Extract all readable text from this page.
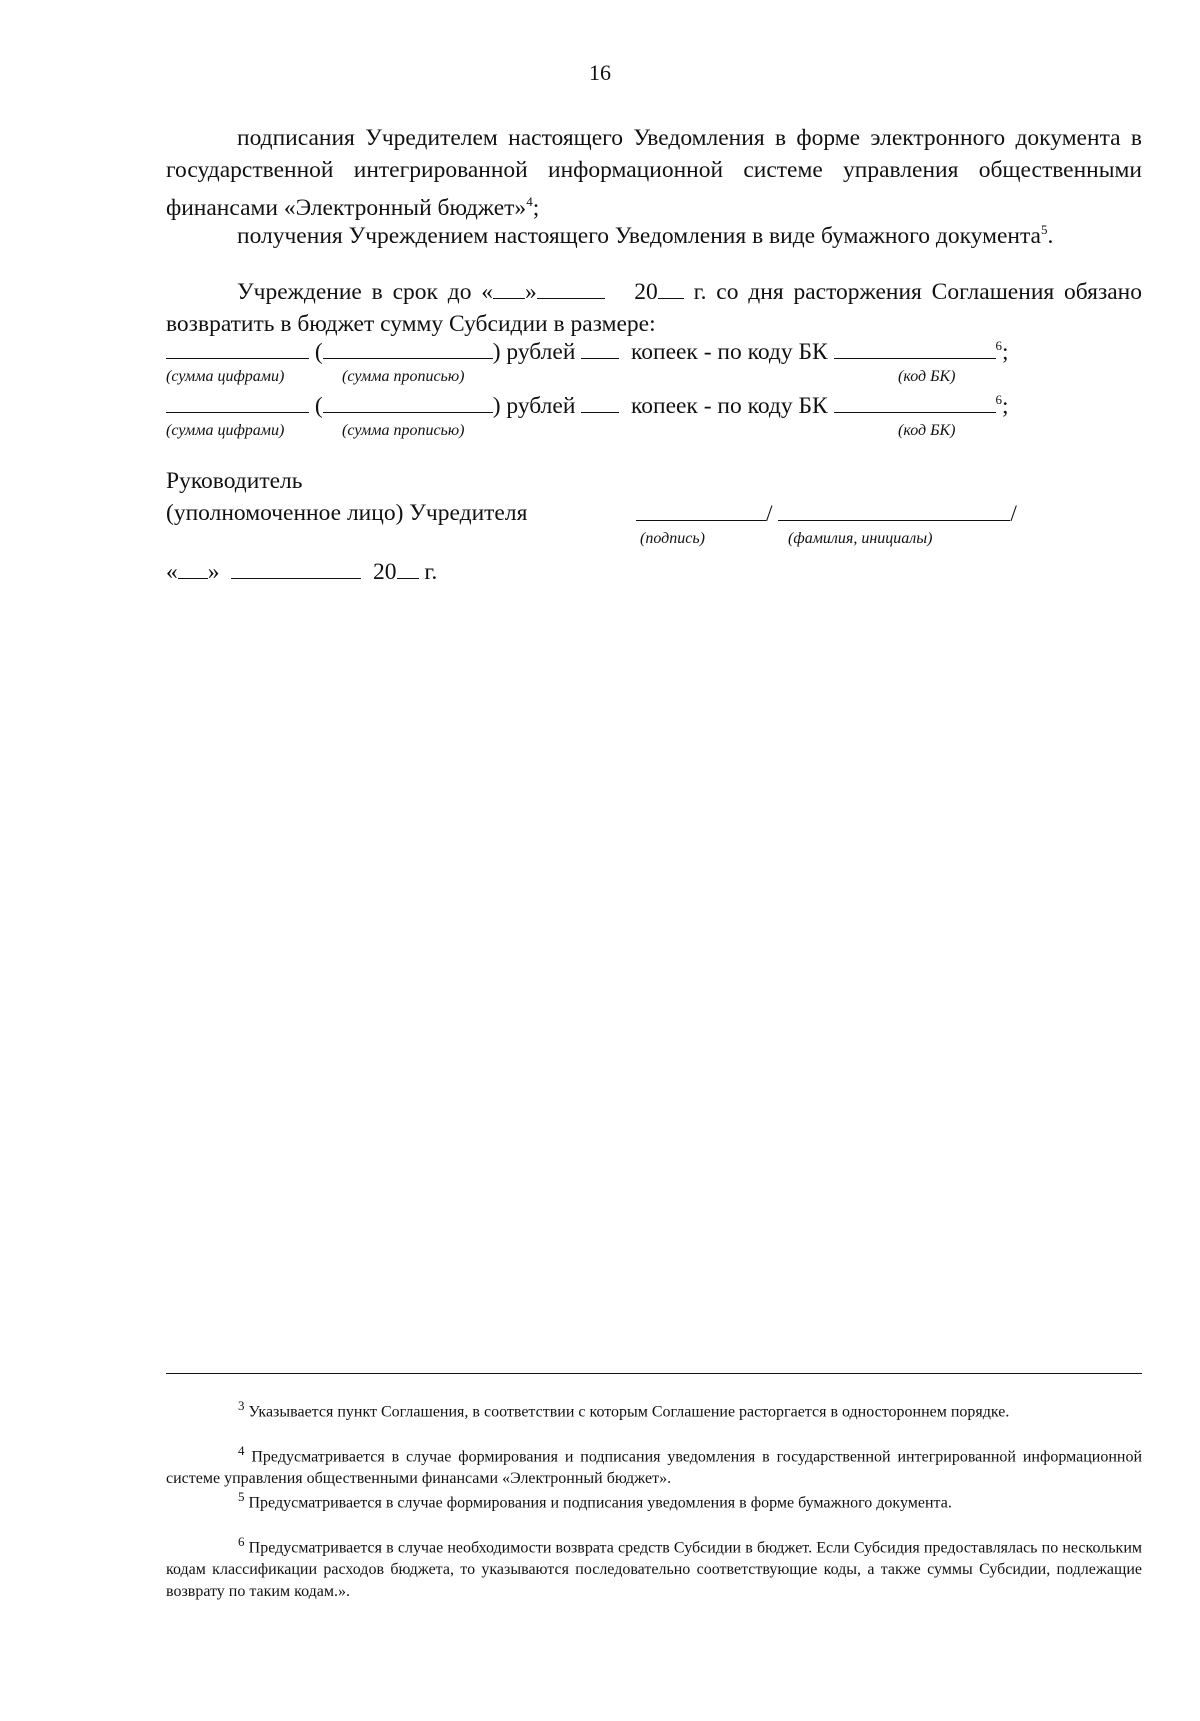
16
подписания Учредителем настоящего Уведомления в форме электронного документа в государственной интегрированной информационной системе управления общественными финансами «Электронный бюджет»$^4$;
получения Учреждением настоящего Уведомления в виде бумажного документа$^5$.
Учреждение в срок до « »	20 г. со дня расторжения Соглашения обязано возвратить в бюджет сумму Субсидии в размере:
(	) рублей копеек - по коду БК	$^6$;
(сумма цифрами)	(сумма прописью)	(код БК)
(	) рублей копеек - по коду БК	$^6$;
(сумма цифрами)	(сумма прописью)	(код БК)
Руководитель
(уполномоченное лицо) Учредителя	/	/
(подпись)	(фамилия, инициалы)
« »	20 г.
$^3$ Указывается пункт Соглашения, в соответствии с которым Соглашение расторгается в одностороннем порядке.
$^4$ Предусматривается в случае формирования и подписания уведомления в государственной интегрированной информационной системе управления общественными финансами «Электронный бюджет».
$^5$ Предусматривается в случае формирования и подписания уведомления в форме бумажного документа.
$^6$ Предусматривается в случае необходимости возврата средств Субсидии в бюджет. Если Субсидия предоставлялась по нескольким кодам классификации расходов бюджета, то указываются последовательно соответствующие коды, а также суммы Субсидии, подлежащие возврату по таким кодам.».
